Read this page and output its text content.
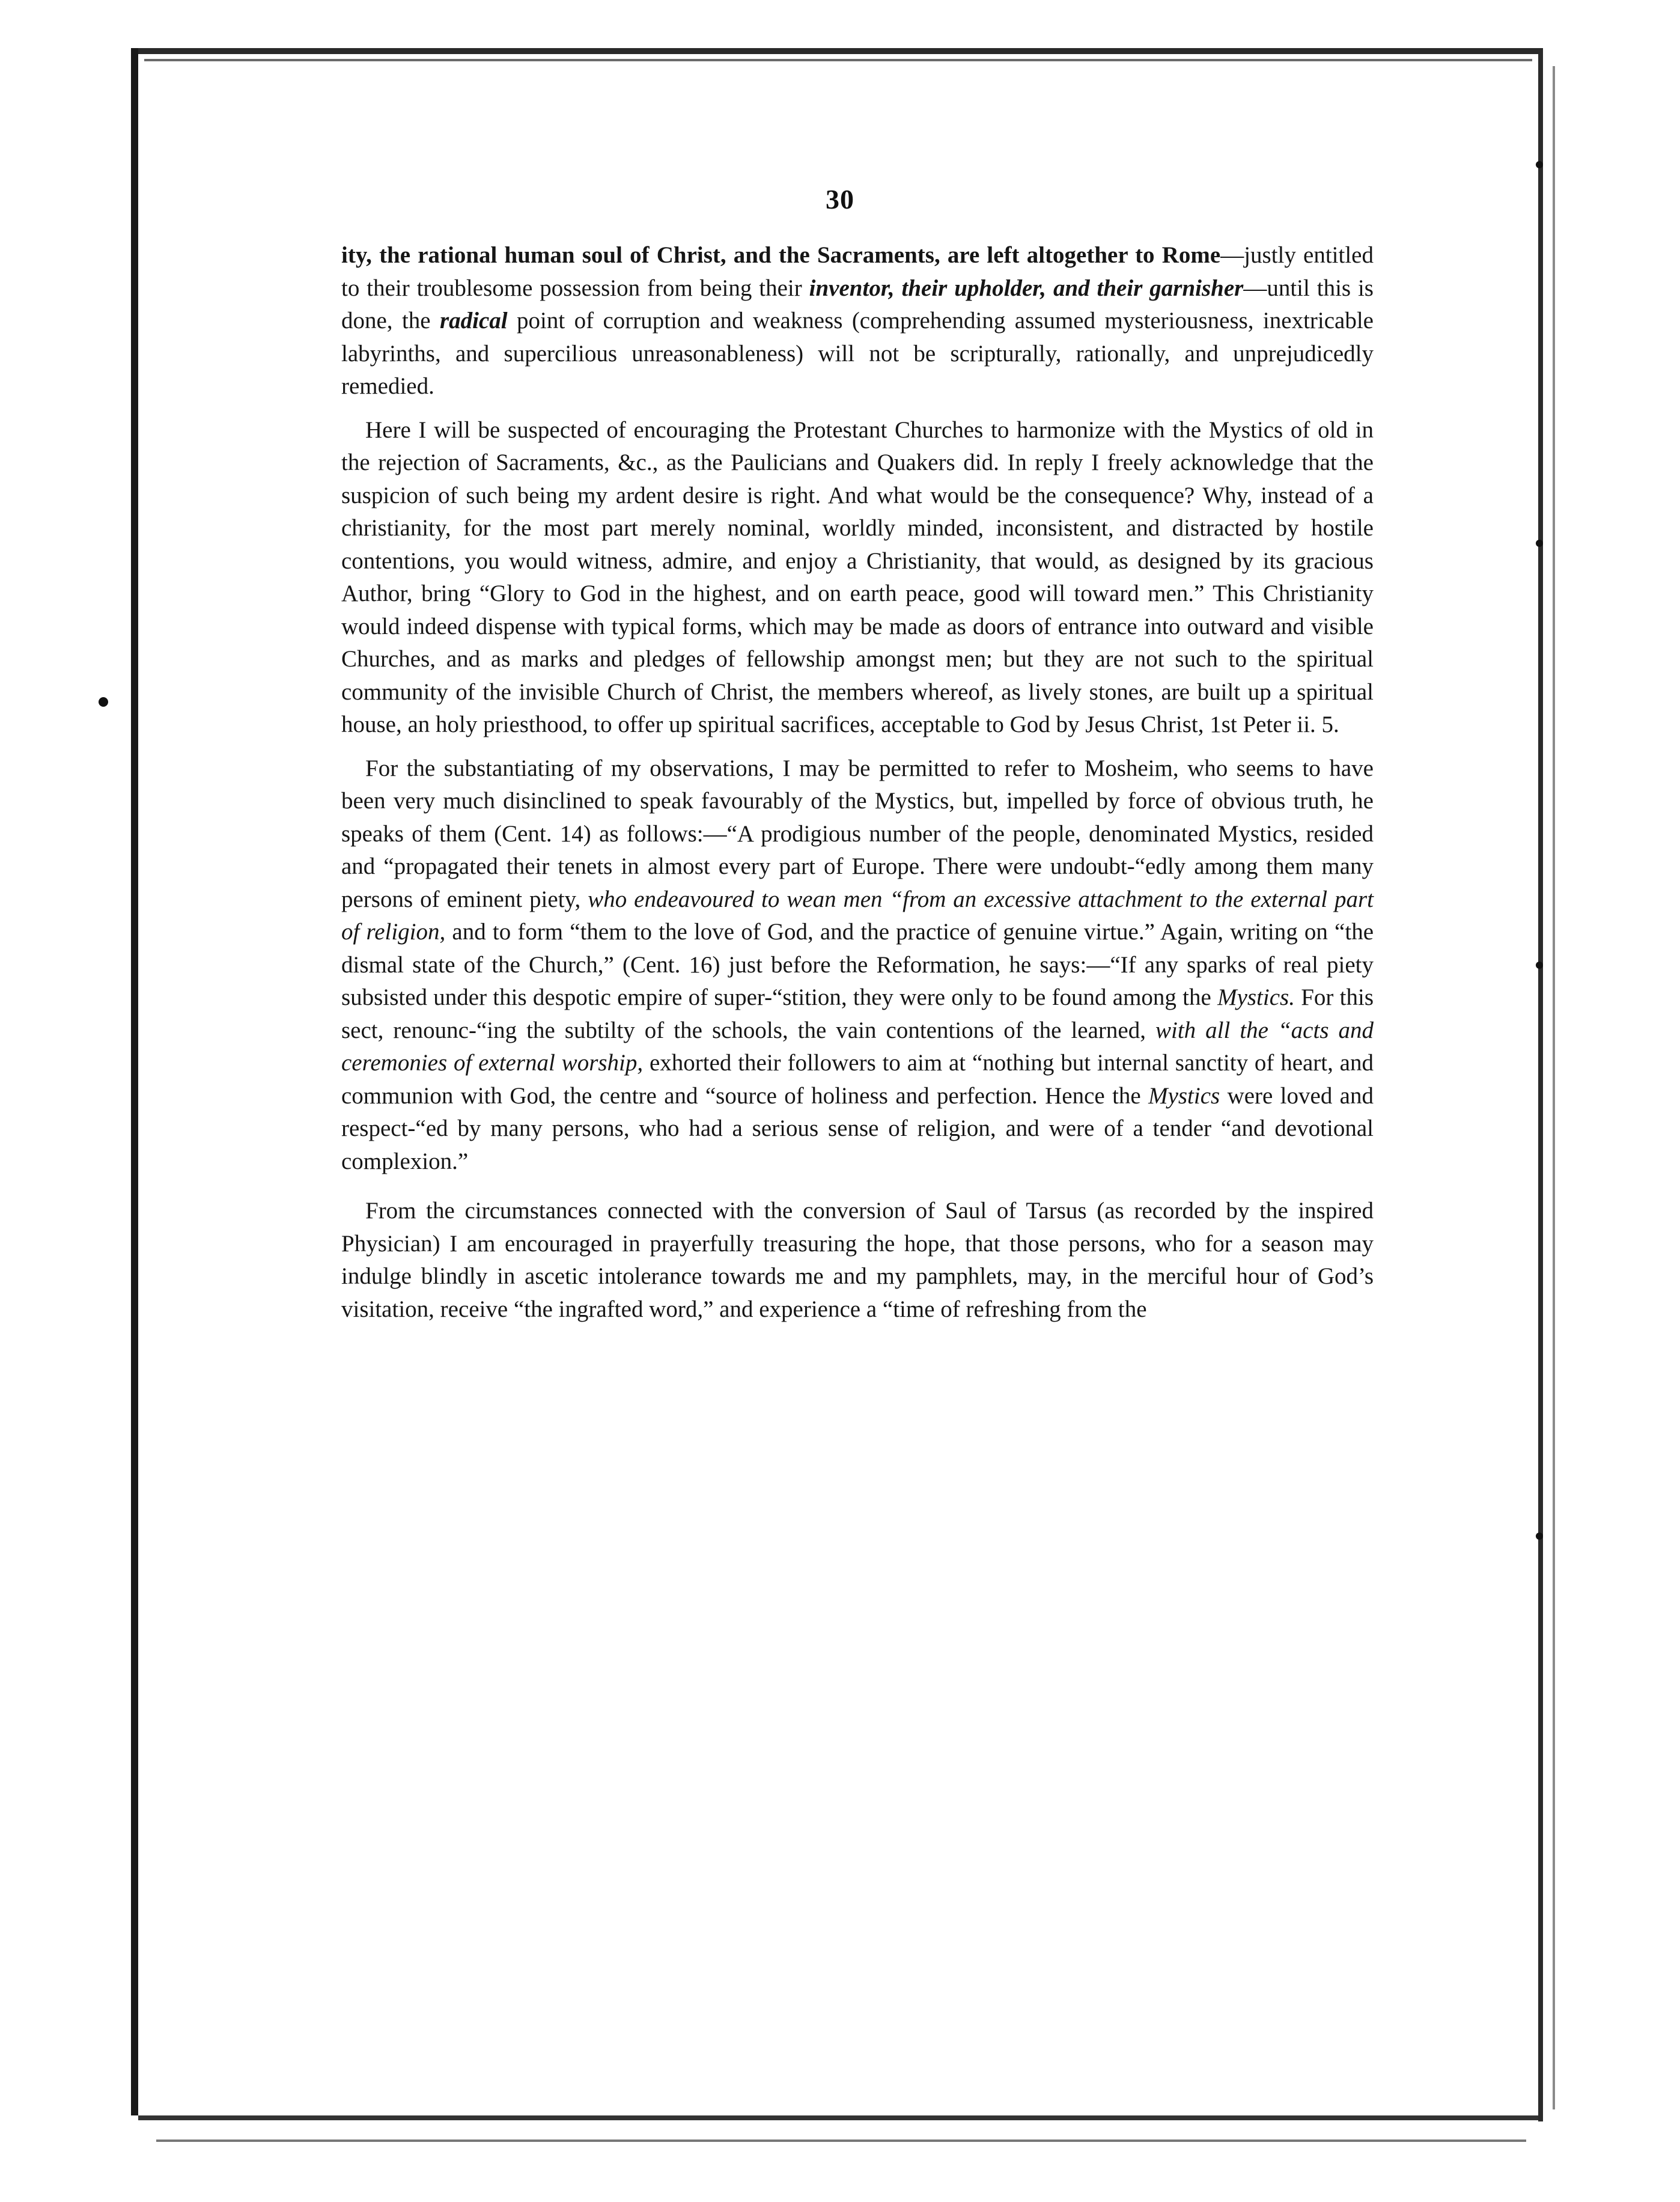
30

ity, the rational human soul of Christ, and the Sacraments, are left altogether to Rome—justly entitled to their troublesome possession from being their inventor, their upholder, and their garnisher—until this is done, the radical point of corruption and weakness (comprehending assumed mysteriousness, inextricable labyrinths, and supercilious unreasonableness) will not be scripturally, rationally, and unprejudicedly remedied.

Here I will be suspected of encouraging the Protestant Churches to harmonize with the Mystics of old in the rejection of Sacraments, &c., as the Paulicians and Quakers did. In reply I freely acknowledge that the suspicion of such being my ardent desire is right. And what would be the consequence? Why, instead of a christianity, for the most part merely nominal, worldly minded, inconsistent, and distracted by hostile contentions, you would witness, admire, and enjoy a Christianity, that would, as designed by its gracious Author, bring “Glory to God in the highest, and on earth peace, good will toward men.” This Christianity would indeed dispense with typical forms, which may be made as doors of entrance into outward and visible Churches, and as marks and pledges of fellowship amongst men; but they are not such to the spiritual community of the invisible Church of Christ, the members whereof, as lively stones, are built up a spiritual house, an holy priesthood, to offer up spiritual sacrifices, acceptable to God by Jesus Christ, 1st Peter ii. 5.

For the substantiating of my observations, I may be permitted to refer to Mosheim, who seems to have been very much disinclined to speak favourably of the Mystics, but, impelled by force of obvious truth, he speaks of them (Cent. 14) as follows:—“A prodigious number of the people, denominated Mystics, resided and “propagated their tenets in almost every part of Europe. There were undoubt-“edly among them many persons of eminent piety, who endeavoured to wean men “from an excessive attachment to the external part of religion, and to form “them to the love of God, and the practice of genuine virtue.” Again, writing on “the dismal state of the Church,” (Cent. 16) just before the Reformation, he says:—“If any sparks of real piety subsisted under this despotic empire of super-“stition, they were only to be found among the Mystics. For this sect, renounc-“ing the subtilty of the schools, the vain contentions of the learned, with all the “acts and ceremonies of external worship, exhorted their followers to aim at “nothing but internal sanctity of heart, and communion with God, the centre and “source of holiness and perfection. Hence the Mystics were loved and respect-“ed by many persons, who had a serious sense of religion, and were of a tender “and devotional complexion.”

From the circumstances connected with the conversion of Saul of Tarsus (as recorded by the inspired Physician) I am encouraged in prayerfully treasuring the hope, that those persons, who for a season may indulge blindly in ascetic intolerance towards me and my pamphlets, may, in the merciful hour of God’s visitation, receive “the ingrafted word,” and experience a “time of refreshing from the
